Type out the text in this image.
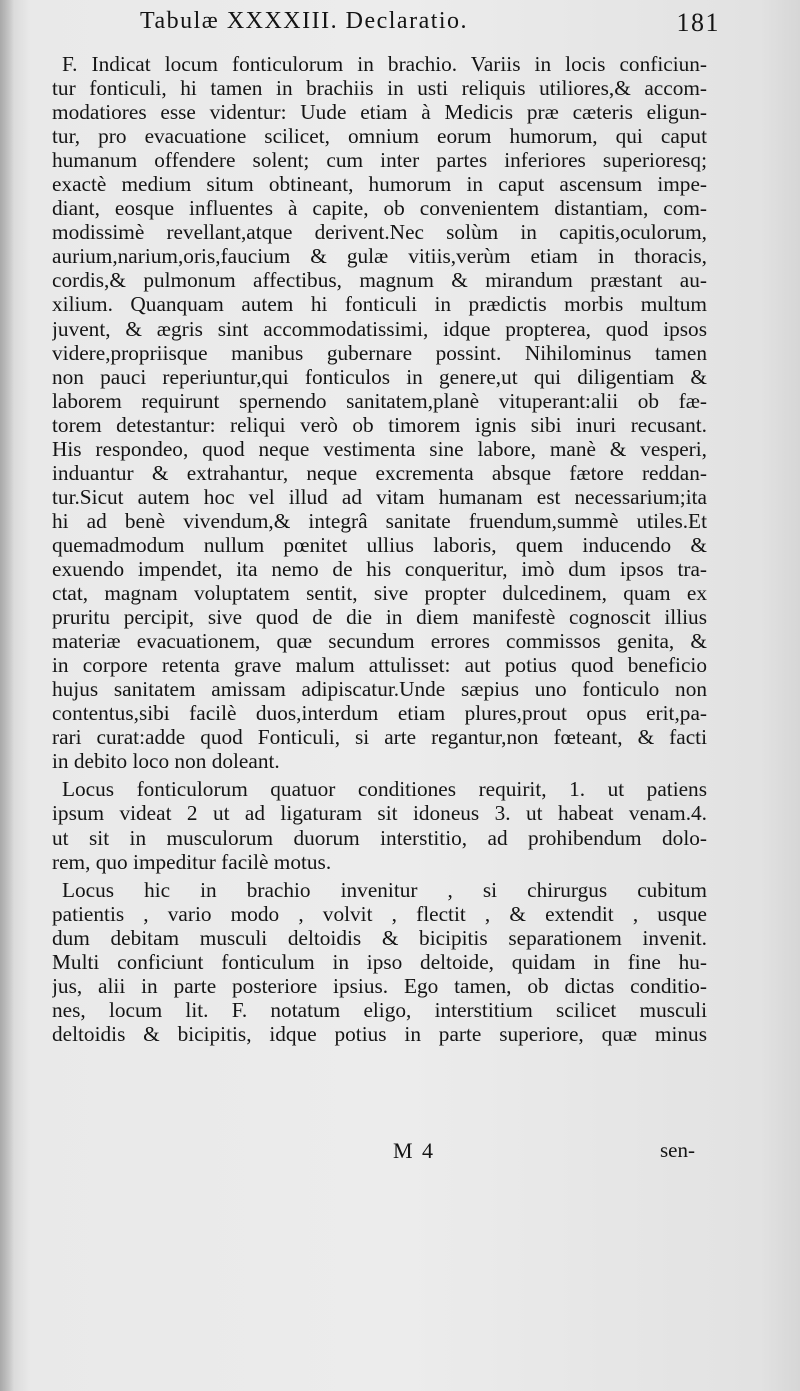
Tabulæ XXXXIII. Declaratio.	181
F. Indicat locum fonticulorum in brachio. Variis in locis conficiun-
tur fonticuli, hi tamen in brachiis in usti reliquis utiliores,& accom-
modatiores esse videntur: Uude etiam à Medicis præ cæteris eligun-
tur, pro evacuatione scilicet, omnium eorum humorum, qui caput
humanum offendere solent; cum inter partes inferiores superioresq;
exactè medium situm obtineant, humorum in caput ascensum impe-
diant, eosque influentes à capite, ob convenientem distantiam, com-
modissimè revellant,atque derivent.Nec solùm in capitis,oculorum,
aurium,narium,oris,faucium & gulæ vitiis,verùm etiam in thoracis,
cordis,& pulmonum affectibus, magnum & mirandum præstant au-
xilium. Quanquam autem hi fonticuli in prædictis morbis multum
juvent, & ægris sint accommodatissimi, idque propterea, quod ipsos
videre,propriisque manibus gubernare possint. Nihilominus tamen
non pauci reperiuntur,qui fonticulos in genere,ut qui diligentiam &
laborem requirunt spernendo sanitatem,planè vituperant:alii ob fæ-
torem detestantur: reliqui verò ob timorem ignis sibi inuri recusant.
His respondeo, quod neque vestimenta sine labore, manè & vesperi,
induantur & extrahantur, neque excrementa absque fætore reddan-
tur.Sicut autem hoc vel illud ad vitam humanam est necessarium;ita
hi ad benè vivendum,& integrâ sanitate fruendum,summè utiles.Et
quemadmodum nullum pœnitet ullius laboris, quem inducendo &
exuendo impendet, ita nemo de his conqueritur, imò dum ipsos tra-
ctat, magnam voluptatem sentit, sive propter dulcedinem, quam ex
pruritu percipit, sive quod de die in diem manifestè cognoscit illius
materiæ evacuationem, quæ secundum errores commissos genita, &
in corpore retenta grave malum attulisset: aut potius quod beneficio
hujus sanitatem amissam adipiscatur.Unde sæpius uno fonticulo non
contentus,sibi facilè duos,interdum etiam plures,prout opus erit,pa-
rari curat:adde quod Fonticuli, si arte regantur,non fœteant, & facti
in debito loco non doleant.
Locus fonticulorum quatuor conditiones requirit, 1. ut patiens
ipsum videat 2 ut ad ligaturam sit idoneus 3. ut habeat venam.4.
ut sit in musculorum duorum interstitio, ad prohibendum dolo-
rem, quo impeditur facilè motus.
Locus hic in brachio invenitur , si chirurgus cubitum
patientis , vario modo , volvit , flectit , & extendit , usque
dum debitam musculi deltoidis & bicipitis separationem invenit.
Multi conficiunt fonticulum in ipso deltoide, quidam in fine hu-
jus, alii in parte posteriore ipsius. Ego tamen, ob dictas conditio-
nes, locum lit. F. notatum eligo, interstitium scilicet musculi
deltoidis & bicipitis, idque potius in parte superiore, quæ minus
M 4	sen-
